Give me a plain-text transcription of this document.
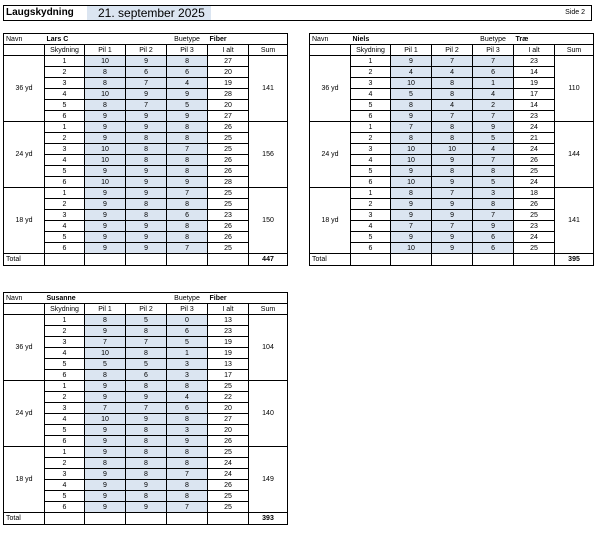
Laugskydning	21. september 2025	Side 2
Navn	Lars C			Buetype	Fiber	
	Skydning	Pil 1	Pil 2	Pil 3	I alt	Sum
36 yd	1	10	9	8	27	141
	2	8	6	6	20	
	3	8	7	4	19	
	4	10	9	9	28	
	5	8	7	5	20	
	6	9	9	9	27	
24 yd	1	9	9	8	26	156
	2	9	8	8	25	
	3	10	8	7	25	
	4	10	8	8	26	
	5	9	9	8	26	
	6	10	9	9	28	
18 yd	1	9	9	7	25	150
	2	9	8	8	25	
	3	9	8	6	23	
	4	9	9	8	26	
	5	9	9	8	26	
	6	9	9	7	25	
Total						447
Navn	Niels			Buetype	Træ	
	Skydning	Pil 1	Pil 2	Pil 3	I alt	Sum
36 yd	1	9	7	7	23	110
	2	4	4	6	14	
	3	10	8	1	19	
	4	5	8	4	17	
	5	8	4	2	14	
	6	9	7	7	23	
24 yd	1	7	8	9	24	144
	2	8	8	5	21	
	3	10	10	4	24	
	4	10	9	7	26	
	5	9	8	8	25	
	6	10	9	5	24	
18 yd	1	8	7	3	18	141
	2	9	9	8	26	
	3	9	9	7	25	
	4	7	7	9	23	
	5	9	9	6	24	
	6	10	9	6	25	
Total						395
Navn	Susanne			Buetype	Fiber	
	Skydning	Pil 1	Pil 2	Pil 3	I alt	Sum
36 yd	1	8	5	0	13	104
	2	9	8	6	23	
	3	7	7	5	19	
	4	10	8	1	19	
	5	5	5	3	13	
	6	8	6	3	17	
24 yd	1	9	8	8	25	140
	2	9	9	4	22	
	3	7	7	6	20	
	4	10	9	8	27	
	5	9	8	3	20	
	6	9	8	9	26	
18 yd	1	9	8	8	25	149
	2	8	8	8	24	
	3	9	8	7	24	
	4	9	9	8	26	
	5	9	8	8	25	
	6	9	9	7	25	
Total						393
